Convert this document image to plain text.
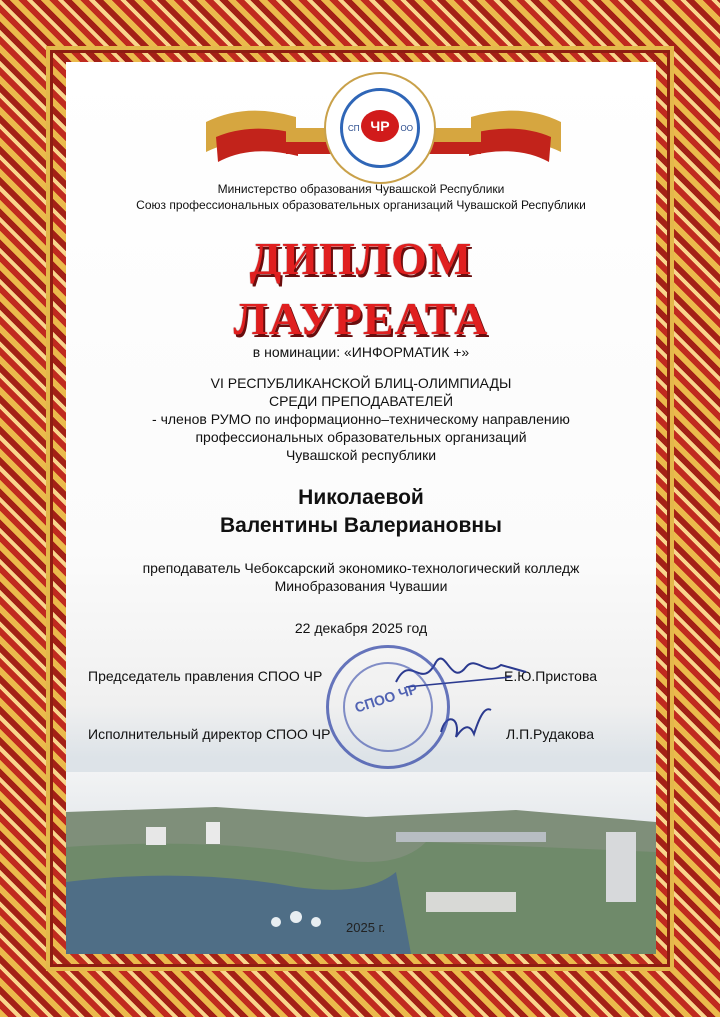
ЧР
СП	ОО
Министерство образования Чувашской Республики
Союз профессиональных образовательных организаций Чувашской Республики
ДИПЛОМ
ЛАУРЕАТА
в номинации: «ИНФОРМАТИК +»
VI РЕСПУБЛИКАНСКОЙ БЛИЦ-ОЛИМПИАДЫ
СРЕДИ ПРЕПОДАВАТЕЛЕЙ
- членов РУМО по информационно–техническому направлению
профессиональных образовательных организаций
Чувашской республики
Николаевой
Валентины Валериановны
преподаватель Чебоксарский экономико-технологический колледж
Минобразования Чувашии
22 декабря 2025 год
Председатель правления СПОО ЧР	Е.Ю.Пристова
Исполнительный директор СПОО ЧР	Л.П.Рудакова
СПОО ЧР
2025 г.
